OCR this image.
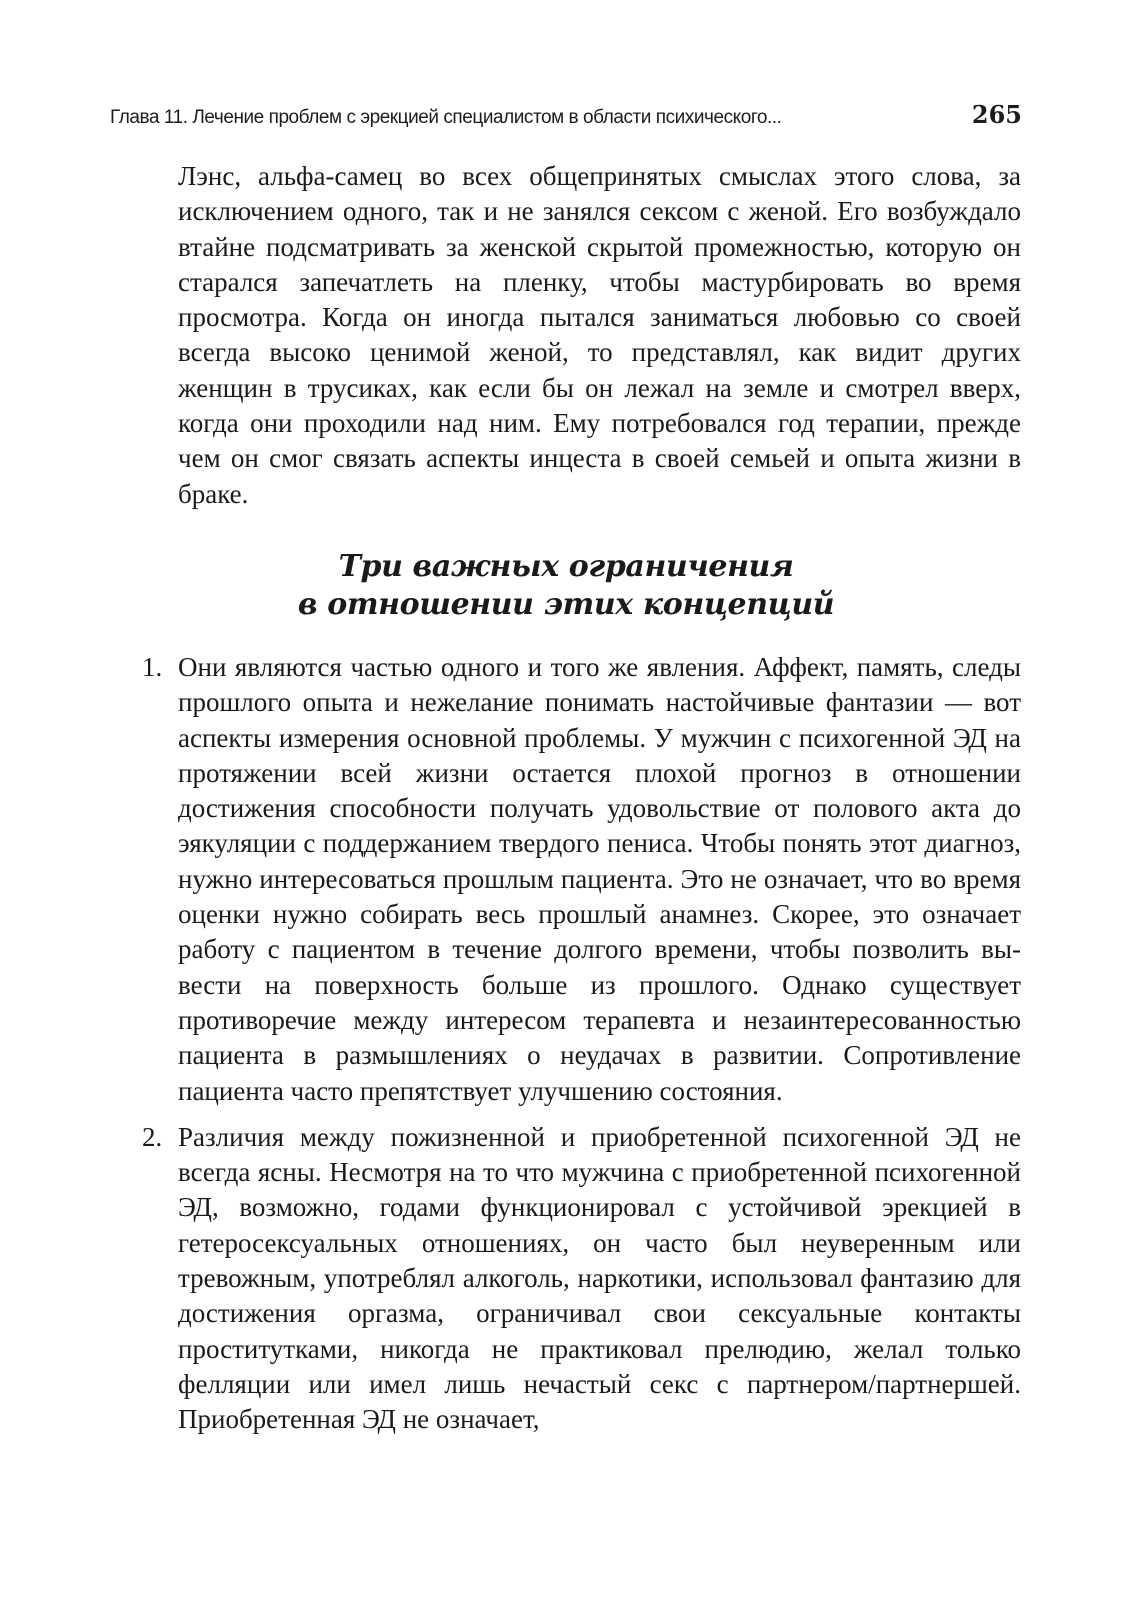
Глава 11. Лечение проблем с эрекцией специалистом в области психического...	265

Лэнс, альфа-самец во всех общепринятых смыслах этого слова, за исключением одного, так и не занялся сексом с женой. Его возбуждало втайне подсматривать за женской скрытой промежностью, которую он старался запечатлеть на пленку, чтобы мастурбировать во время просмотра. Когда он иногда пытался заниматься любовью со своей всегда высоко ценимой женой, то представлял, как видит других женщин в трусиках, как если бы он лежал на земле и смотрел вверх, когда они проходили над ним. Ему потребовался год терапии, прежде чем он смог связать аспекты инцеста в своей семьей и опыта жизни в браке.

Три важных ограничения
в отношении этих концепций
1. Они являются частью одного и того же явления. Аффект, память, следы прошлого опыта и нежелание понимать настойчивые фантазии — вот аспекты измерения основной проблемы. У мужчин с психогенной ЭД на протяжении всей жизни остается плохой прогноз в отношении достижения способности получать удовольствие от полового акта до эякуляции с поддержанием твердого пениса. Чтобы понять этот диагноз, нужно интересоваться прошлым пациента. Это не означает, что во время оценки нужно собирать весь прошлый анамнез. Скорее, это означает работу с пациентом в течение долгого времени, чтобы позволить вывести на поверхность больше из прошлого. Однако существует противоречие между интересом терапевта и незаинтересованностью пациента в размышлениях о неудачах в развитии. Сопротивление пациента часто препятствует улучшению состояния.

2. Различия между пожизненной и приобретенной психогенной ЭД не всегда ясны. Несмотря на то что мужчина с приобретенной психогенной ЭД, возможно, годами функционировал с устойчивой эрекцией в гетеросексуальных отношениях, он часто был неуверенным или тревожным, употреблял алкоголь, наркотики, использовал фантазию для достижения оргазма, ограничивал свои сексуальные контакты проститутками, никогда не практиковал прелюдию, желал только фелляции или имел лишь нечастый секс с партнером/партнершей. Приобретенная ЭД не означает,
